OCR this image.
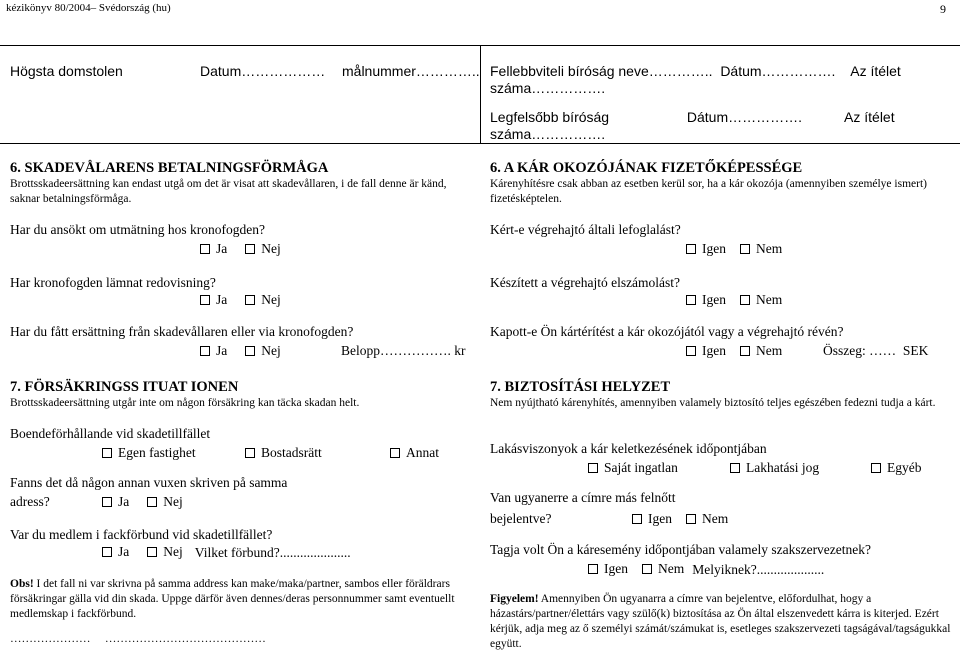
kézikönyv 80/2004– Svédország (hu)	9
Högsta domstolen	Datum……………… målnummer………….. Fellebbviteli bíróság neve…………..  Dátum…………….    Az ítélet
száma…………….
Legfelsőbb bíróság                    Dátum…………….           Az ítélet
száma…………….
6. SKADEVÅLARENS BETALNINGSFÖRMÅGA
Brottsskadeersättning kan endast utgå om det är visat att skadevållaren, i de fall denne är känd, saknar betalningsförmåga.
Har du ansökt om utmätning hos kronofogden?
Ja
	Nej
Har kronofogden lämnat redovisning?
Ja
	Nej
Har du fått ersättning från skadevållaren eller via kronofogden?
Ja
	Nej	Belopp……………. kr
7. FÖRSÄKRINGSS ITUAT IONEN
Brottsskadeersättning utgår inte om någon försäkring kan täcka skadan helt.
Boendeförhållande vid skadetillfället
Egen fastighet	Bostadsrätt	Annat
Fanns det då någon annan vuxen skriven på samma
adress?	Ja
	Nej
Var du medlem i fackförbund vid skadetillfället?
Ja
	Nej Vilket förbund?.....................
Obs! I det fall ni var skrivna på samma address kan make/maka/partner, sambos eller föräldrars försäkringar gälla vid din skada. Uppge därför även dennes/deras personnummer samt eventuellt medlemskap i fackförbund.
…………………     ……………………………………
6. A KÁR OKOZÓJÁNAK FIZETŐKÉPESSÉGE
Kárenyhítésre csak abban az esetben kerül sor, ha a kár okozója (amennyiben személye ismert) fizetésképtelen.
Kért-e végrehajtó általi lefoglalást?
Igen
Nem
Készített a végrehajtó elszámolást?
Igen
Nem
Kapott-e Ön kártérítést a kár okozójától vagy a végrehajtó révén?
Igen
Nem	Összeg: ……  SEK
7. BIZTOSÍTÁSI HELYZET
Nem nyújtható kárenyhítés, amennyiben valamely biztosító teljes egészében fedezni tudja a kárt.
Lakásviszonyok a kár keletkezésének időpontjában
Saját ingatlan	Lakhatási jog	Egyéb
Van ugyanerre a címre más felnőtt
bejelentve?	Igen
Nem
Tagja volt Ön a káresemény időpontjában valamely szakszervezetnek?
Igen
Nem Melyiknek?....................
Figyelem! Amennyiben Ön ugyanarra a címre van bejelentve, előfordulhat, hogy a házastárs/partner/élettárs vagy szülő(k) biztosítása az Ön által elszenvedett kárra is kiterjed. Ezért kérjük, adja meg az ő személyi számát/számukat is, esetleges szakszervezeti tagságával/tagságukkal együtt.
